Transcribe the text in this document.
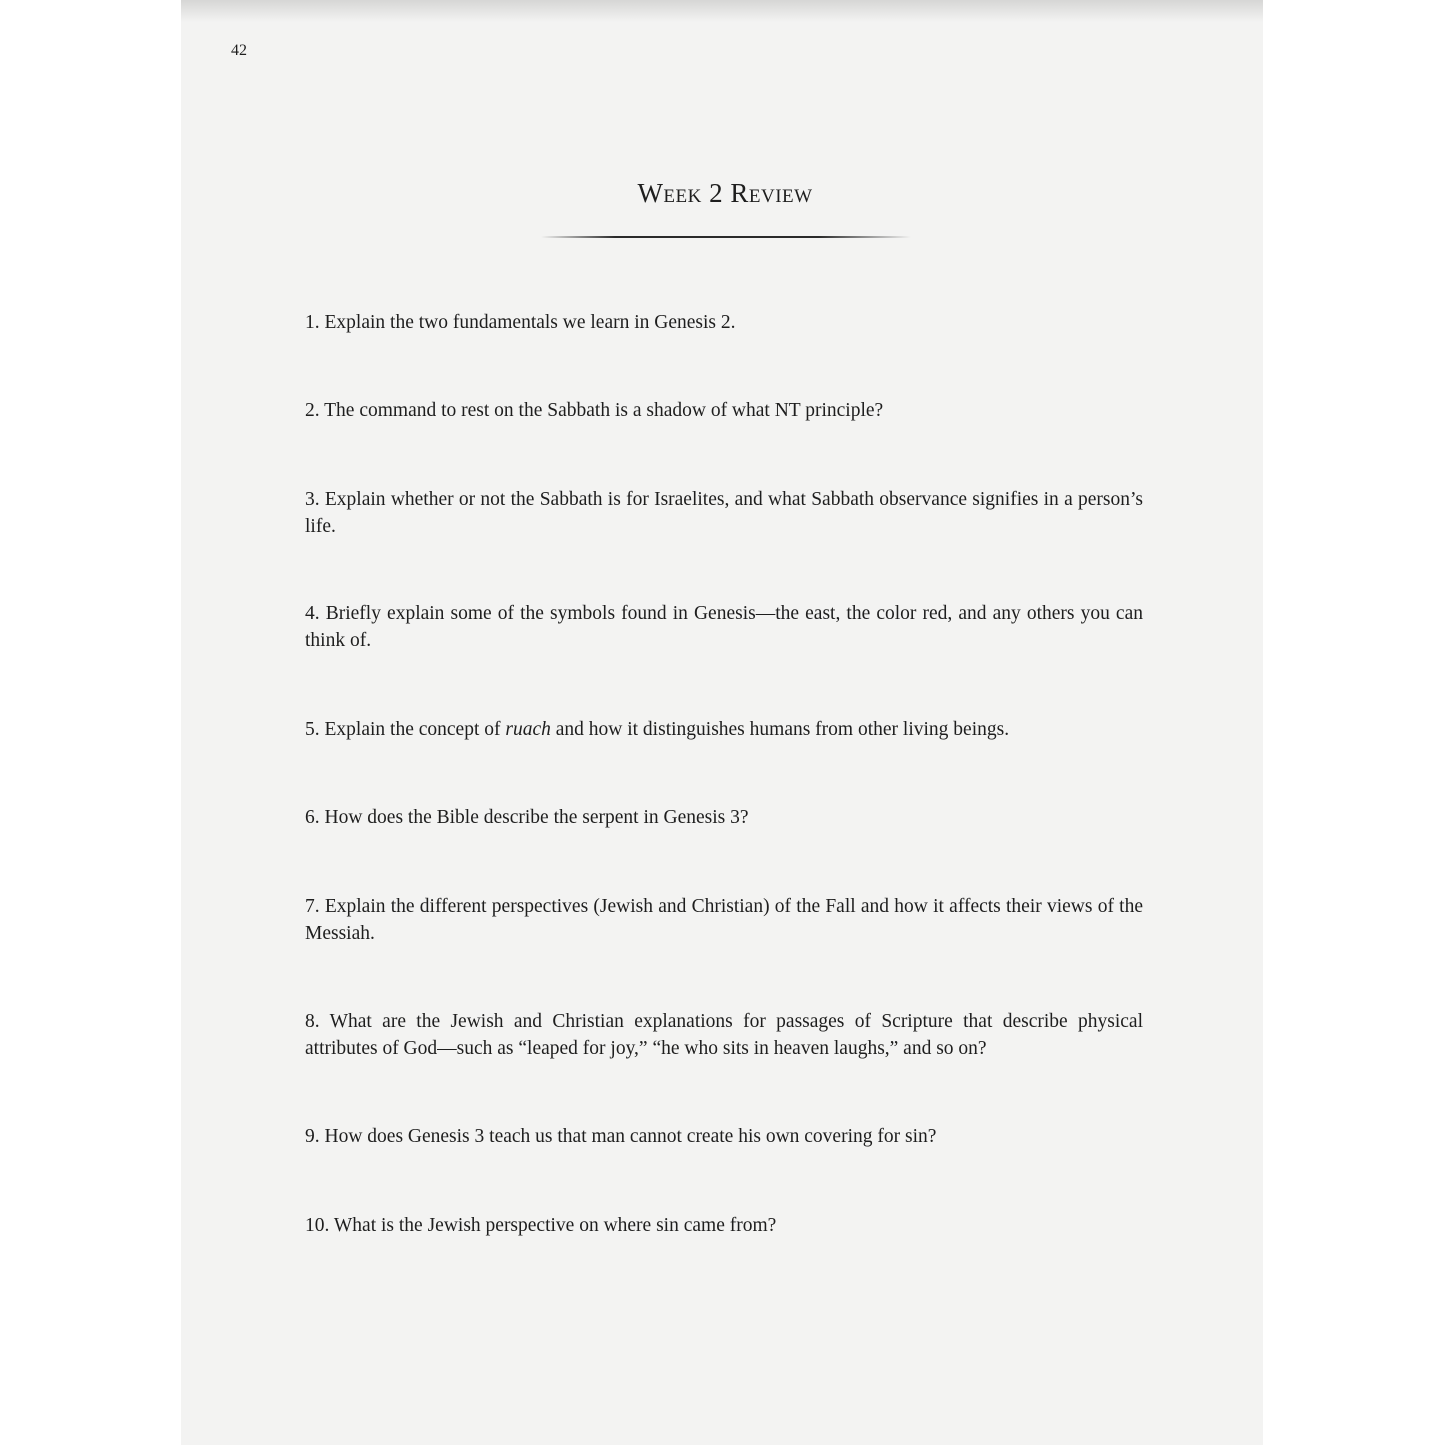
42
Week 2 Review
1. Explain the two fundamentals we learn in Genesis 2.
2. The command to rest on the Sabbath is a shadow of what NT principle?
3. Explain whether or not the Sabbath is for Israelites, and what Sabbath observance signifies in a person’s life.
4. Briefly explain some of the symbols found in Genesis—the east, the color red, and any others you can think of.
5. Explain the concept of ruach and how it distinguishes humans from other living beings.
6. How does the Bible describe the serpent in Genesis 3?
7. Explain the different perspectives (Jewish and Christian) of the Fall and how it affects their views of the Messiah.
8. What are the Jewish and Christian explanations for passages of Scripture that describe physical attributes of God—such as “leaped for joy,” “he who sits in heaven laughs,” and so on?
9. How does Genesis 3 teach us that man cannot create his own covering for sin?
10. What is the Jewish perspective on where sin came from?
